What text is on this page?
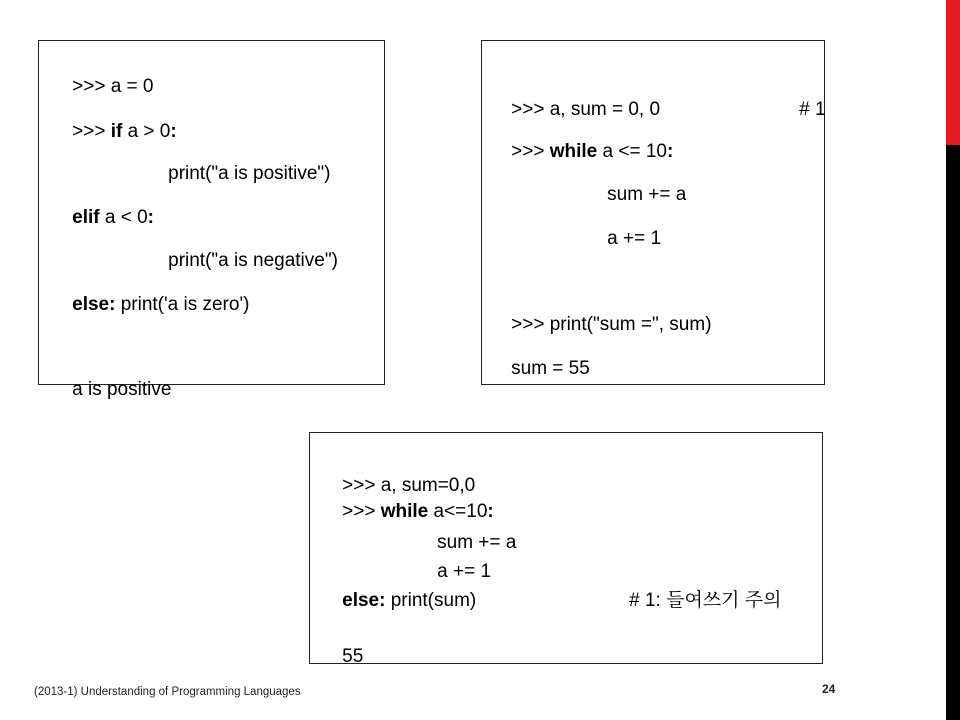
>>> a = 0

>>> if a > 0:

print("a is positive")

elif a < 0:

print("a is negative")

else: print('a is zero')

a is positive

>>> a, sum = 0, 0
	# 1

>>> while a <= 10:

sum += a

a += 1

>>> print("sum =", sum)

sum = 55

>>> a, sum=0,0

>>> while a<=10:

sum += a

a += 1

else: print(sum)
	# 1: 들여쓰기 주의

55

(2013-1) Understanding of Programming Languages	24
